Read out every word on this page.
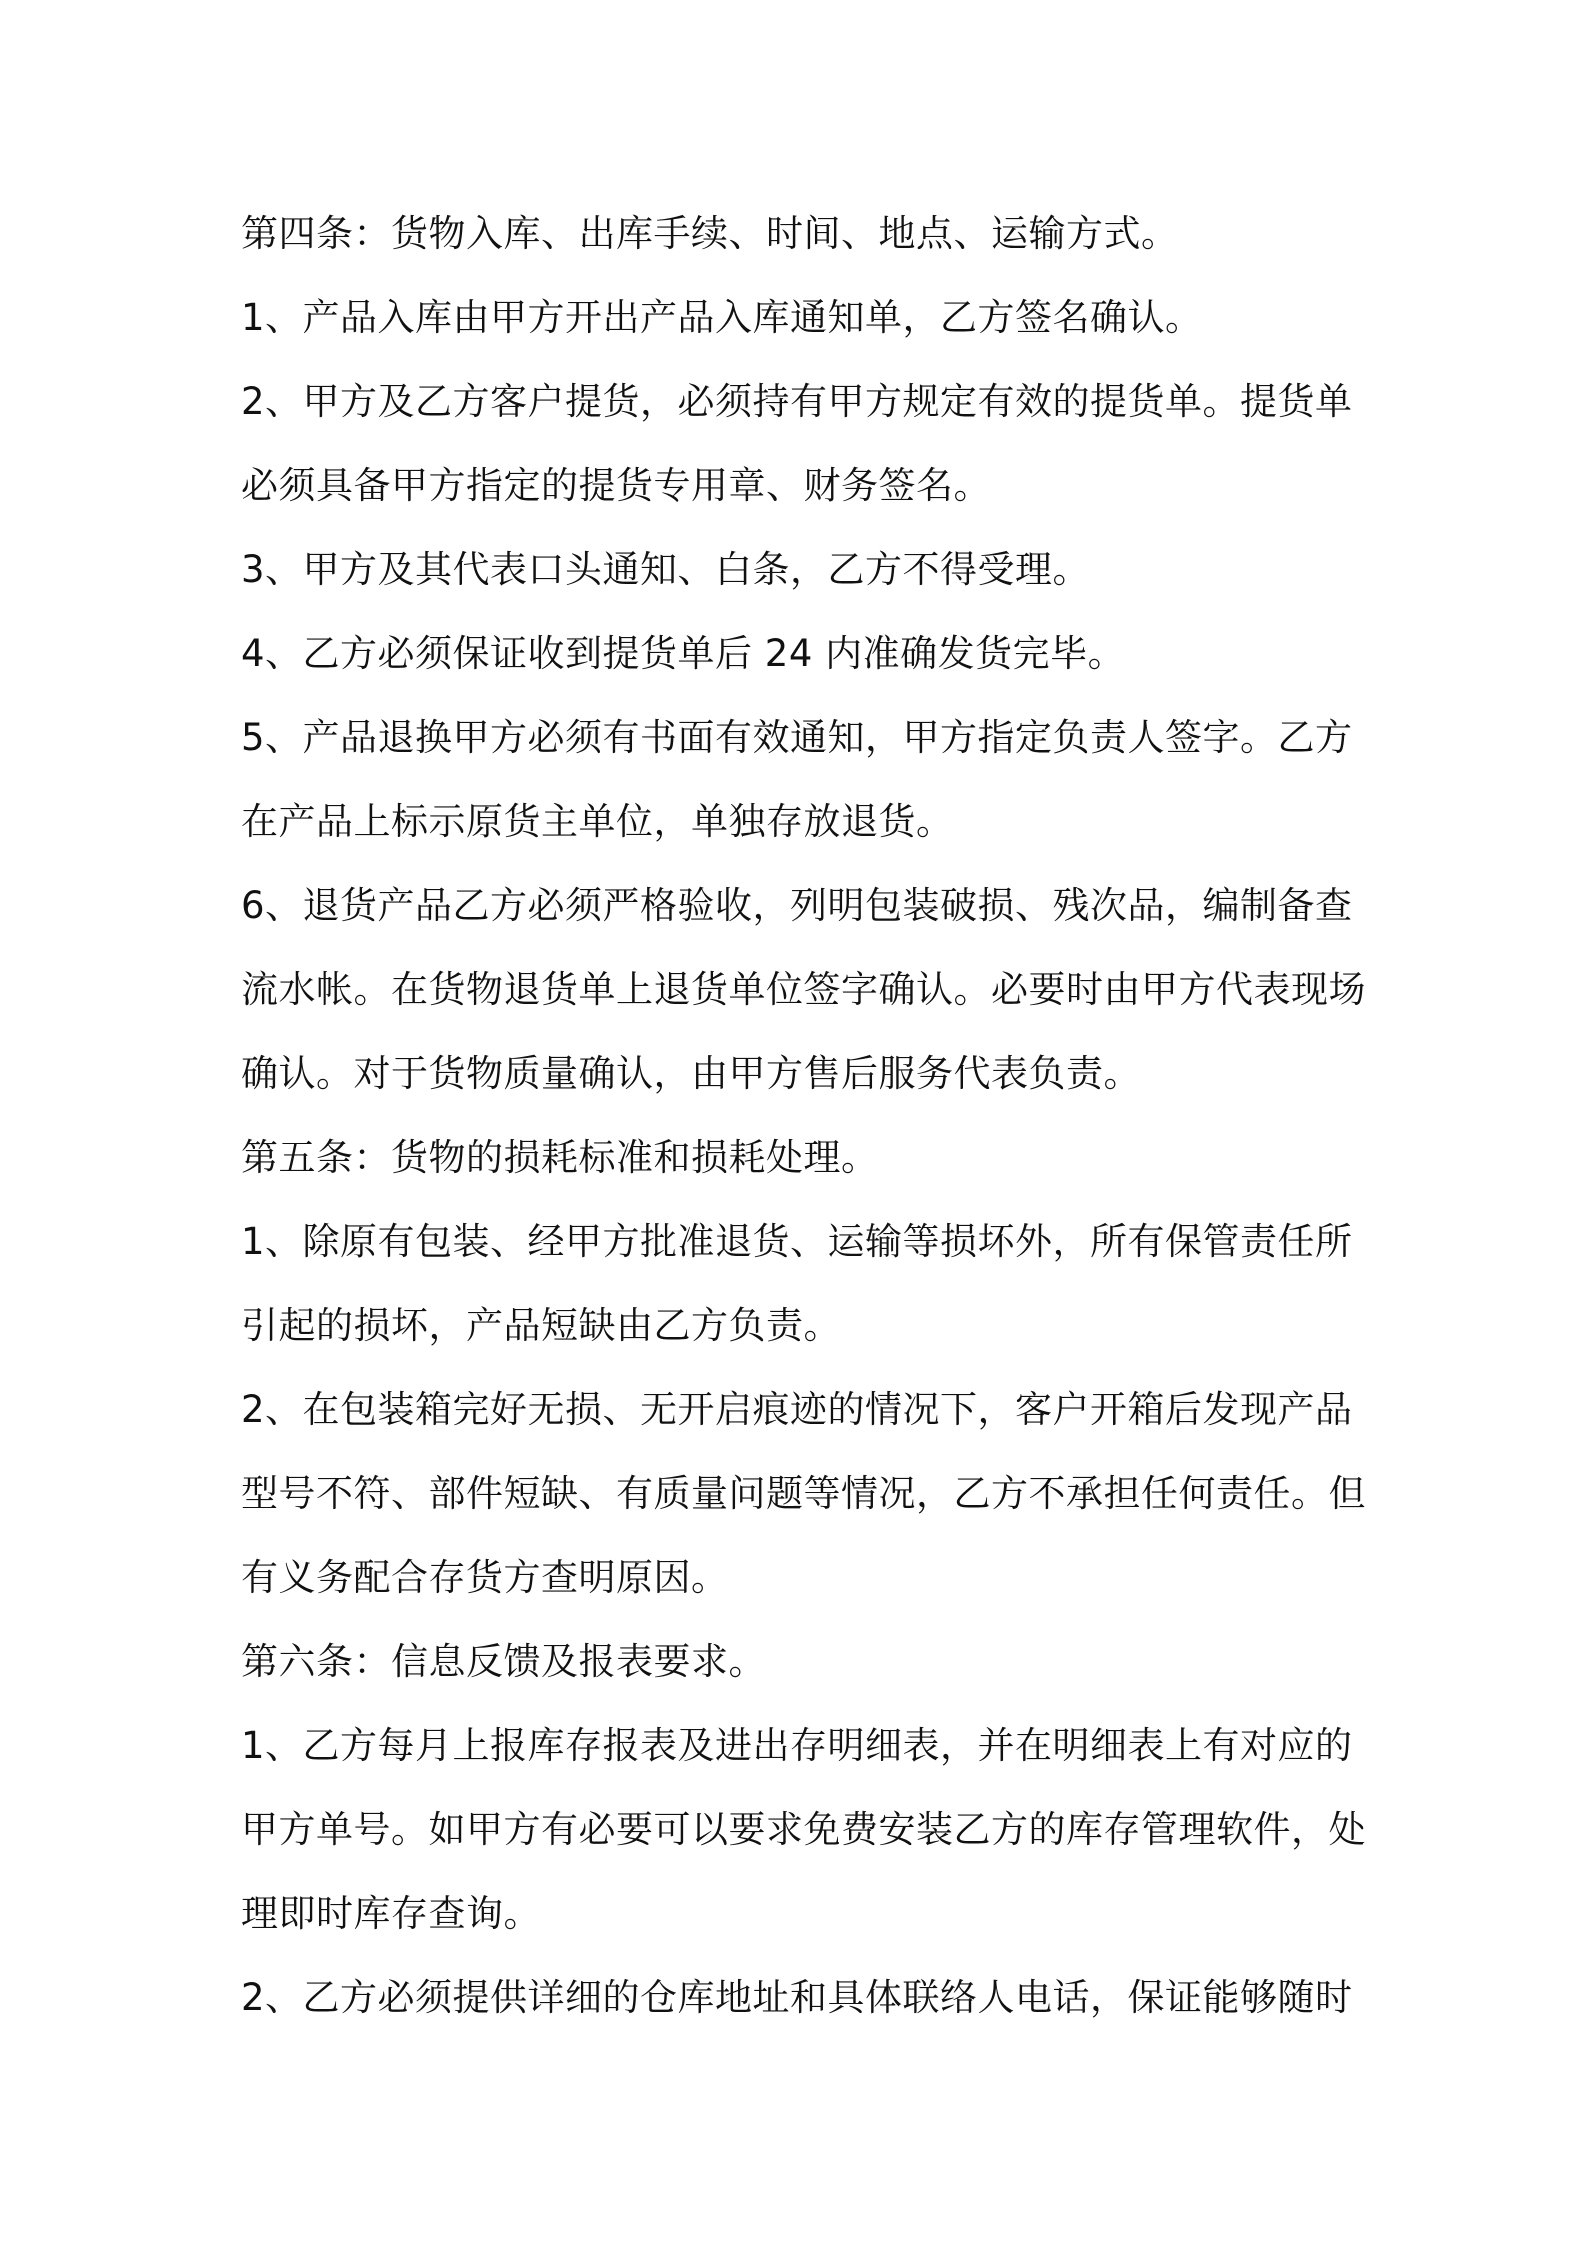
第四条：货物入库、出库手续、时间、地点、运输方式。
1、产品入库由甲方开出产品入库通知单，乙方签名确认。
2、甲方及乙方客户提货，必须持有甲方规定有效的提货单。提货单
必须具备甲方指定的提货专用章、财务签名。
3、甲方及其代表口头通知、白条，乙方不得受理。
4、乙方必须保证收到提货单后 24 内准确发货完毕。
5、产品退换甲方必须有书面有效通知，甲方指定负责人签字。乙方
在产品上标示原货主单位，单独存放退货。
6、退货产品乙方必须严格验收，列明包装破损、残次品，编制备查
流水帐。在货物退货单上退货单位签字确认。必要时由甲方代表现场
确认。对于货物质量确认，由甲方售后服务代表负责。
第五条：货物的损耗标准和损耗处理。
1、除原有包装、经甲方批准退货、运输等损坏外，所有保管责任所
引起的损坏，产品短缺由乙方负责。
2、在包装箱完好无损、无开启痕迹的情况下，客户开箱后发现产品
型号不符、部件短缺、有质量问题等情况，乙方不承担任何责任。但
有义务配合存货方查明原因。
第六条：信息反馈及报表要求。
1、乙方每月上报库存报表及进出存明细表，并在明细表上有对应的
甲方单号。如甲方有必要可以要求免费安装乙方的库存管理软件，处
理即时库存查询。
2、乙方必须提供详细的仓库地址和具体联络人电话，保证能够随时
